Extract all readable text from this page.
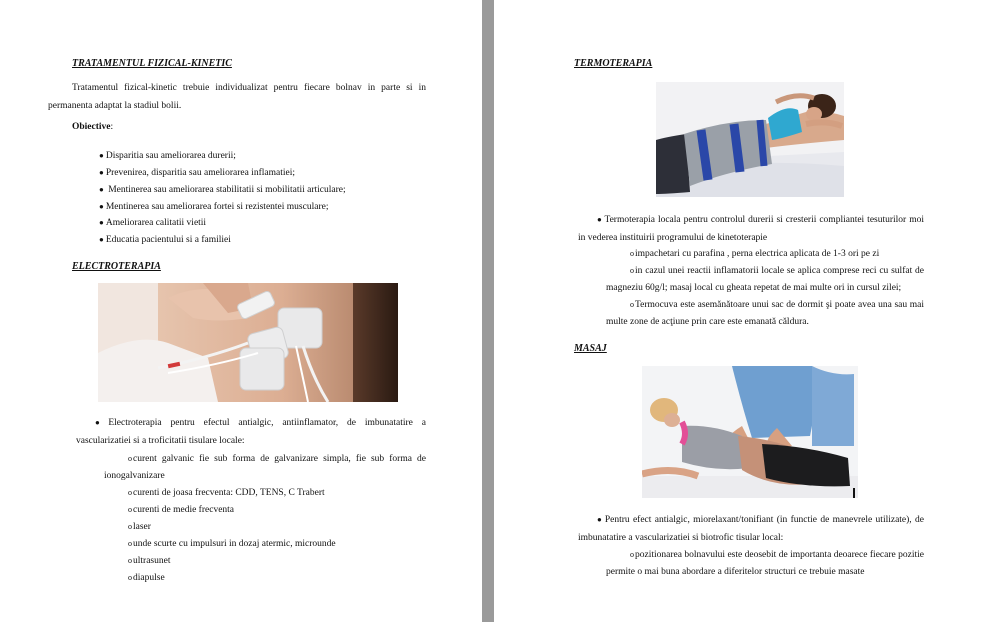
TRATAMENTUL FIZICAL-KINETIC
Tratamentul fizical-kinetic trebuie individualizat pentru fiecare bolnav in parte si in permanenta adaptat la stadiul bolii.
Obiective:
● Disparitia sau ameliorarea durerii;
● Prevenirea, disparitia sau ameliorarea inflamatiei;
● Mentinerea sau ameliorarea stabilitatii si mobilitatii articulare;
● Mentinerea sau ameliorarea fortei si rezistentei musculare;
● Ameliorarea calitatii vietii
● Educatia pacientului si a familiei
ELECTROTERAPIA
● Electroterapia pentru efectul antialgic, antiinflamator, de imbunatatire a vascularizatiei si a troficitatii tisulare locale:
ocurent galvanic fie sub forma de galvanizare simpla, fie sub forma de ionogalvanizare
ocurenti de joasa frecventa: CDD, TENS, C Trabert
ocurenti de medie frecventa
olaser
ounde scurte cu impulsuri in dozaj atermic, microunde
oultrasunet
odiapulse
TERMOTERAPIA
● Termoterapia locala pentru controlul durerii si cresterii compliantei tesuturilor moi in vederea instituirii programului de kinetoterapie
oimpachetari cu parafina , perna electrica aplicata de 1-3 ori pe zi
oin cazul unei reactii inflamatorii locale se aplica comprese reci cu sulfat de magneziu 60g/l; masaj local cu gheata repetat de mai multe ori in cursul zilei;
oTermocuva este asemănătoare unui sac de dormit şi poate avea una sau mai multe zone de acţiune prin care este emanată căldura.
MASAJ
● Pentru efect antialgic, miorelaxant/tonifiant (in functie de manevrele utilizate), de imbunatatire a vascularizatiei si biotrofic tisular local:
opozitionarea bolnavului este deosebit de importanta deoarece fiecare pozitie permite o mai buna abordare a diferitelor structuri ce trebuie masate
